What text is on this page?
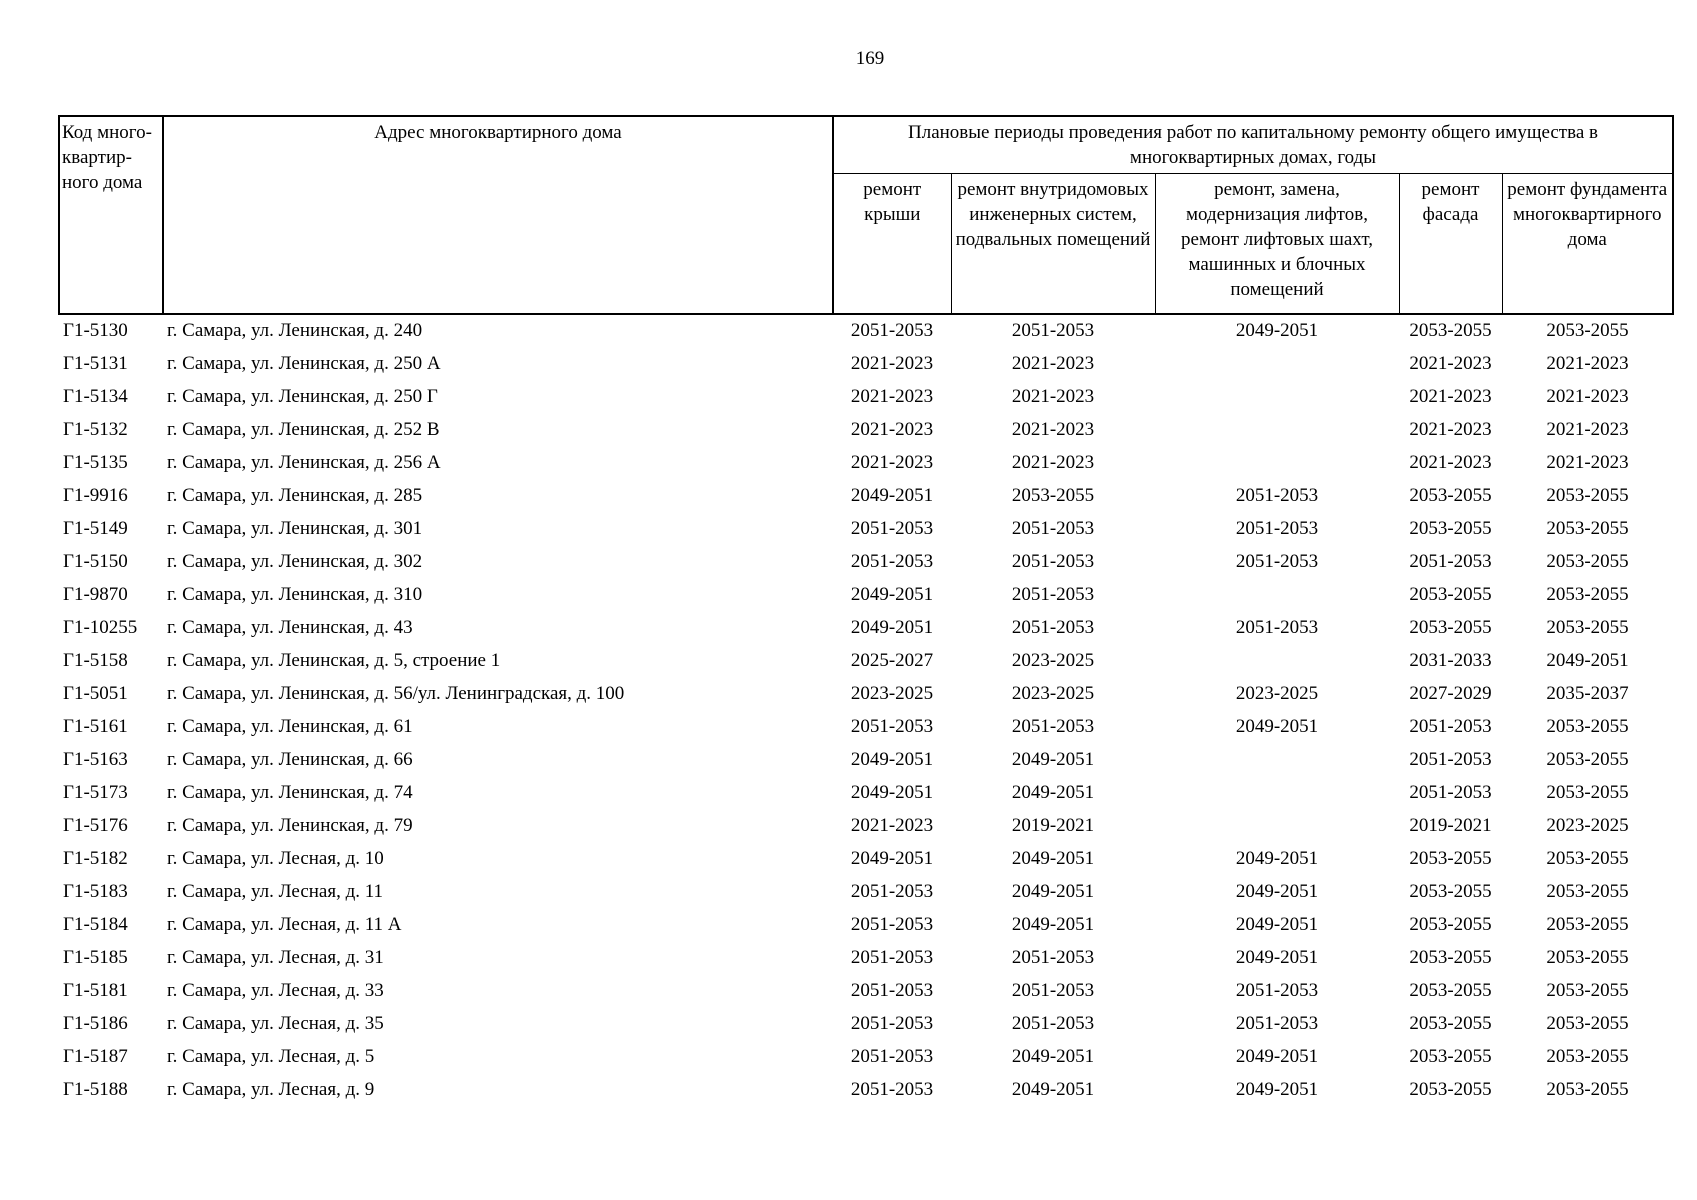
169
Код много-квартир-ного дома	Адрес многоквартирного дома	Плановые периоды проведения работ по капитальному ремонту общего имущества в многоквартирных домах, годы				
		ремонт крыши	ремонт внутридомовых инженерных систем, подвальных помещений	ремонт, замена, модернизация лифтов, ремонт лифтовых шахт, машинных и блочных помещений	ремонт фасада	ремонт фундамента многоквартирного дома
Г1-5130	г. Самара, ул. Ленинская, д. 240	2051-2053	2051-2053	2049-2051	2053-2055	2053-2055
Г1-5131	г. Самара, ул. Ленинская, д. 250 А	2021-2023	2021-2023		2021-2023	2021-2023
Г1-5134	г. Самара, ул. Ленинская, д. 250 Г	2021-2023	2021-2023		2021-2023	2021-2023
Г1-5132	г. Самара, ул. Ленинская, д. 252 В	2021-2023	2021-2023		2021-2023	2021-2023
Г1-5135	г. Самара, ул. Ленинская, д. 256 А	2021-2023	2021-2023		2021-2023	2021-2023
Г1-9916	г. Самара, ул. Ленинская, д. 285	2049-2051	2053-2055	2051-2053	2053-2055	2053-2055
Г1-5149	г. Самара, ул. Ленинская, д. 301	2051-2053	2051-2053	2051-2053	2053-2055	2053-2055
Г1-5150	г. Самара, ул. Ленинская, д. 302	2051-2053	2051-2053	2051-2053	2051-2053	2053-2055
Г1-9870	г. Самара, ул. Ленинская, д. 310	2049-2051	2051-2053		2053-2055	2053-2055
Г1-10255	г. Самара, ул. Ленинская, д. 43	2049-2051	2051-2053	2051-2053	2053-2055	2053-2055
Г1-5158	г. Самара, ул. Ленинская, д. 5, строение 1	2025-2027	2023-2025		2031-2033	2049-2051
Г1-5051	г. Самара, ул. Ленинская, д. 56/ул. Ленинградская, д. 100	2023-2025	2023-2025	2023-2025	2027-2029	2035-2037
Г1-5161	г. Самара, ул. Ленинская, д. 61	2051-2053	2051-2053	2049-2051	2051-2053	2053-2055
Г1-5163	г. Самара, ул. Ленинская, д. 66	2049-2051	2049-2051		2051-2053	2053-2055
Г1-5173	г. Самара, ул. Ленинская, д. 74	2049-2051	2049-2051		2051-2053	2053-2055
Г1-5176	г. Самара, ул. Ленинская, д. 79	2021-2023	2019-2021		2019-2021	2023-2025
Г1-5182	г. Самара, ул. Лесная, д. 10	2049-2051	2049-2051	2049-2051	2053-2055	2053-2055
Г1-5183	г. Самара, ул. Лесная, д. 11	2051-2053	2049-2051	2049-2051	2053-2055	2053-2055
Г1-5184	г. Самара, ул. Лесная, д. 11 А	2051-2053	2049-2051	2049-2051	2053-2055	2053-2055
Г1-5185	г. Самара, ул. Лесная, д. 31	2051-2053	2051-2053	2049-2051	2053-2055	2053-2055
Г1-5181	г. Самара, ул. Лесная, д. 33	2051-2053	2051-2053	2051-2053	2053-2055	2053-2055
Г1-5186	г. Самара, ул. Лесная, д. 35	2051-2053	2051-2053	2051-2053	2053-2055	2053-2055
Г1-5187	г. Самара, ул. Лесная, д. 5	2051-2053	2049-2051	2049-2051	2053-2055	2053-2055
Г1-5188	г. Самара, ул. Лесная, д. 9	2051-2053	2049-2051	2049-2051	2053-2055	2053-2055
